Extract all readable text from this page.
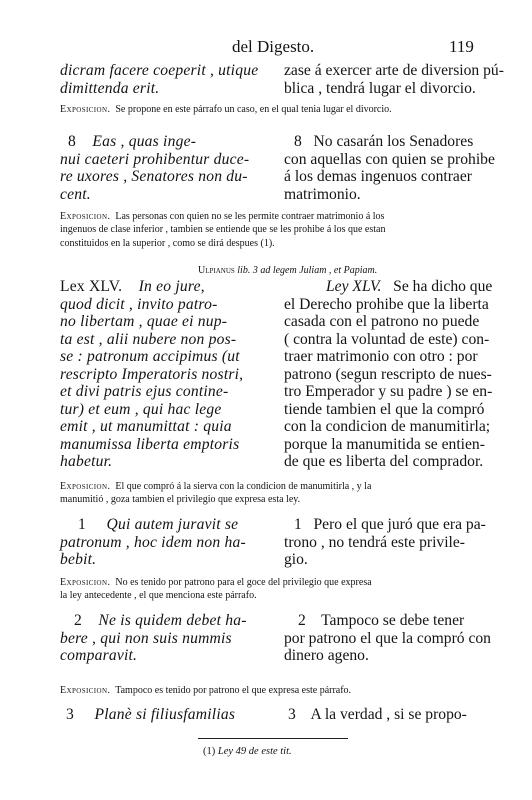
del Digesto.	119
dicram facere coeperit , utique
dimittenda erit.
zase á exercer arte de diversion pú-
blica , tendrá lugar el divorcio.
Exposicion. Se propone en este párrafo un caso, en el qual tenia lugar el divorcio.
8 Eas , quas inge-
nui caeteri prohibentur duce-
re uxores , Senatores non du-
cent.
8 No casarán los Senadores
con aquellas con quien se prohibe
á los demas ingenuos contraer
matrimonio.
Exposicion. Las personas con quien no se les permite contraer matrimonio á los
ingenuos de clase inferior , tambien se entiende que se les prohibe á los que estan
constituidos en la superior , como se dirá despues (1).
Ulpianus lib. 3 ad legem Juliam , et Papiam.
Lex XLV. In eo jure,
quod dicit , invito patro-
no libertam , quae ei nup-
ta est , alii nubere non pos-
se : patronum accipimus (ut
rescripto Imperatoris nostri,
et divi patris ejus contine-
tur) et eum , qui hac lege
emit , ut manumittat : quia
manumissa liberta emptoris
habetur.
Ley XLV. Se ha dicho que
el Derecho prohibe que la liberta
casada con el patrono no puede
( contra la voluntad de este) con-
traer matrimonio con otro : por
patrono (segun rescripto de nues-
tro Emperador y su padre ) se en-
tiende tambien el que la compró
con la condicion de manumitirla;
porque la manumitida se entien-
de que es liberta del comprador.
Exposicion. El que compró á la sierva con la condicion de manumitirla , y la
manumitió , goza tambien el privilegio que expresa esta ley.
1 Qui autem juravit se
patronum , hoc idem non ha-
bebit.
1 Pero el que juró que era pa-
trono , no tendrá este privile-
gio.
Exposicion. No es tenido por patrono para el goce del privilegio que expresa
la ley antecedente , el que menciona este párrafo.
2 Ne is quidem debet ha-
bere , qui non suis nummis
comparavit.
2 Tampoco se debe tener
por patrono el que la compró con
dinero ageno.
Exposicion. Tampoco es tenido por patrono el que expresa este párrafo.
3 Planè si filiusfamilias	3 A la verdad , si se propo-
(1) Ley 49 de este tit.
